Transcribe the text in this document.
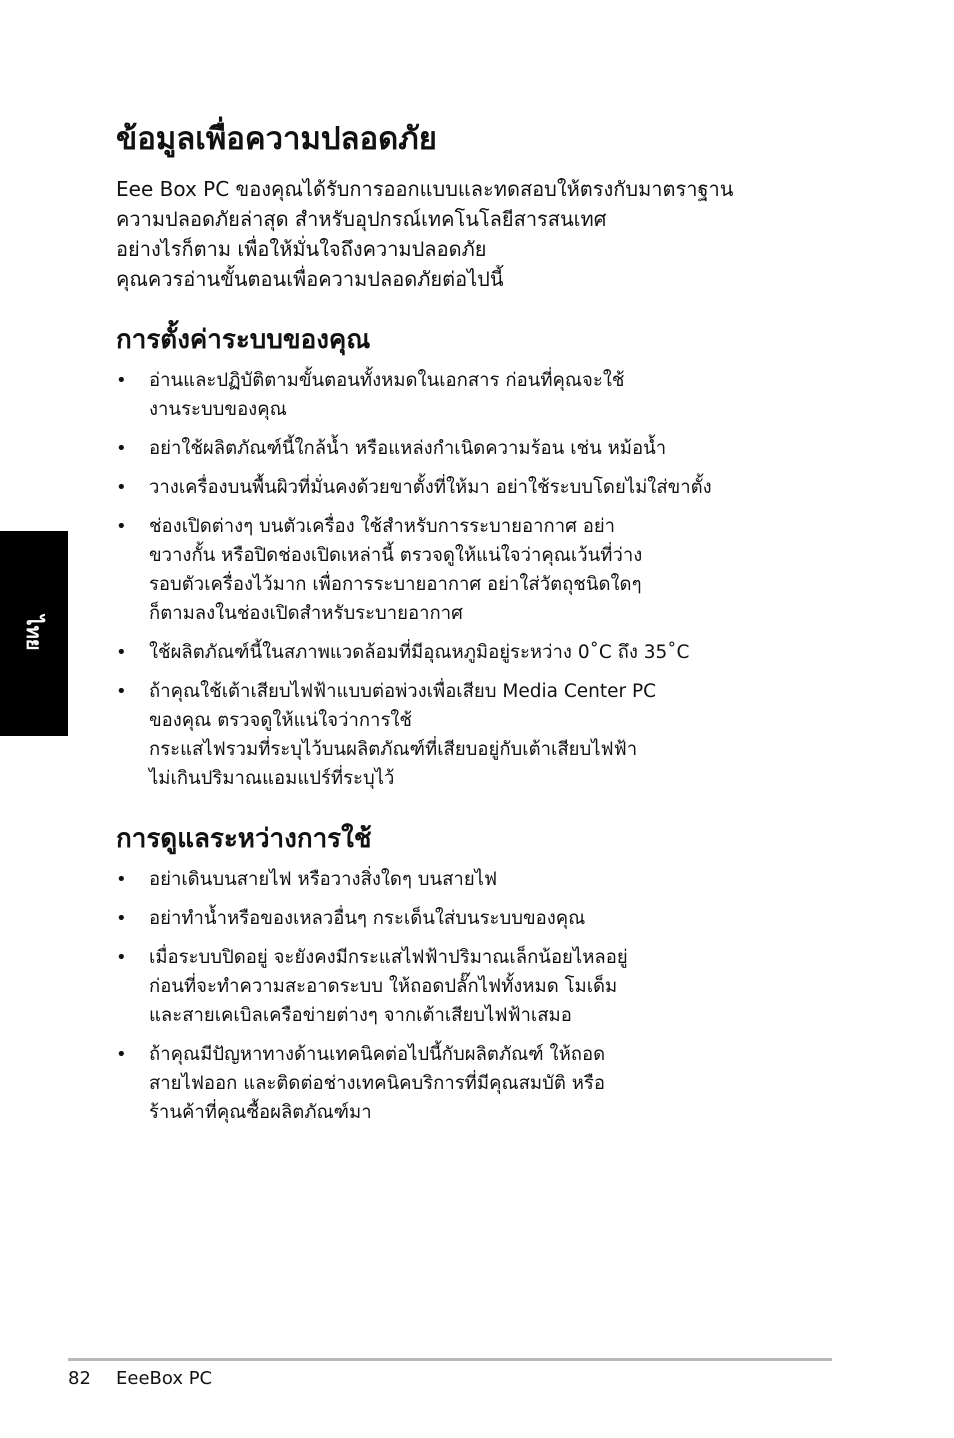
ไทย
ข้อมูลเพื่อความปลอดภัย

Eee Box PC ของคุณได้รับการออกแบบและทดสอบให้ตรงกับมาตราฐาน
ความปลอดภัยล่าสุด สำหรับอุปกรณ์เทคโนโลยีสารสนเทศ
อย่างไรก็ตาม เพื่อให้มั่นใจถึงความปลอดภัย
คุณควรอ่านขั้นตอนเพื่อความปลอดภัยต่อไปนี้

การตั้งค่าระบบของคุณ
• อ่านและปฏิบัติตามขั้นตอนทั้งหมดในเอกสาร ก่อนที่คุณจะใช้
งานระบบของคุณ
• อย่าใช้ผลิตภัณฑ์นี้ใกล้น้ำ หรือแหล่งกำเนิดความร้อน เช่น หม้อน้ำ
• วางเครื่องบนพื้นผิวที่มั่นคงด้วยขาตั้งที่ให้มา อย่าใช้ระบบโดยไม่ใส่ขาตั้ง
• ช่องเปิดต่างๆ บนตัวเครื่อง ใช้สำหรับการระบายอากาศ อย่า
ขวางกั้น หรือปิดช่องเปิดเหล่านี้ ตรวจดูให้แน่ใจว่าคุณเว้นที่ว่าง
รอบตัวเครื่องไว้มาก เพื่อการระบายอากาศ อย่าใส่วัตถุชนิดใดๆ
ก็ตามลงในช่องเปิดสำหรับระบายอากาศ
• ใช้ผลิตภัณฑ์นี้ในสภาพแวดล้อมที่มีอุณหภูมิอยู่ระหว่าง 0˚C ถึง 35˚C
• ถ้าคุณใช้เต้าเสียบไฟฟ้าแบบต่อพ่วงเพื่อเสียบ Media Center PC
ของคุณ ตรวจดูให้แน่ใจว่าการใช้
กระแสไฟรวมที่ระบุไว้บนผลิตภัณฑ์ที่เสียบอยู่กับเต้าเสียบไฟฟ้า
ไม่เกินปริมาณแอมแปร์ที่ระบุไว้
การดูแลระหว่างการใช้
• อย่าเดินบนสายไฟ หรือวางสิ่งใดๆ บนสายไฟ
• อย่าทำน้ำหรือของเหลวอื่นๆ กระเด็นใส่บนระบบของคุณ
• เมื่อระบบปิดอยู่ จะยังคงมีกระแสไฟฟ้าปริมาณเล็กน้อยไหลอยู่
ก่อนที่จะทำความสะอาดระบบ ให้ถอดปลั๊กไฟทั้งหมด โมเด็ม
และสายเคเบิลเครือข่ายต่างๆ จากเต้าเสียบไฟฟ้าเสมอ
• ถ้าคุณมีปัญหาทางด้านเทคนิคต่อไปนี้กับผลิตภัณฑ์ ให้ถอด
สายไฟออก และติดต่อช่างเทคนิคบริการที่มีคุณสมบัติ หรือ
ร้านค้าที่คุณซื้อผลิตภัณฑ์มา
82 EeeBox PC
